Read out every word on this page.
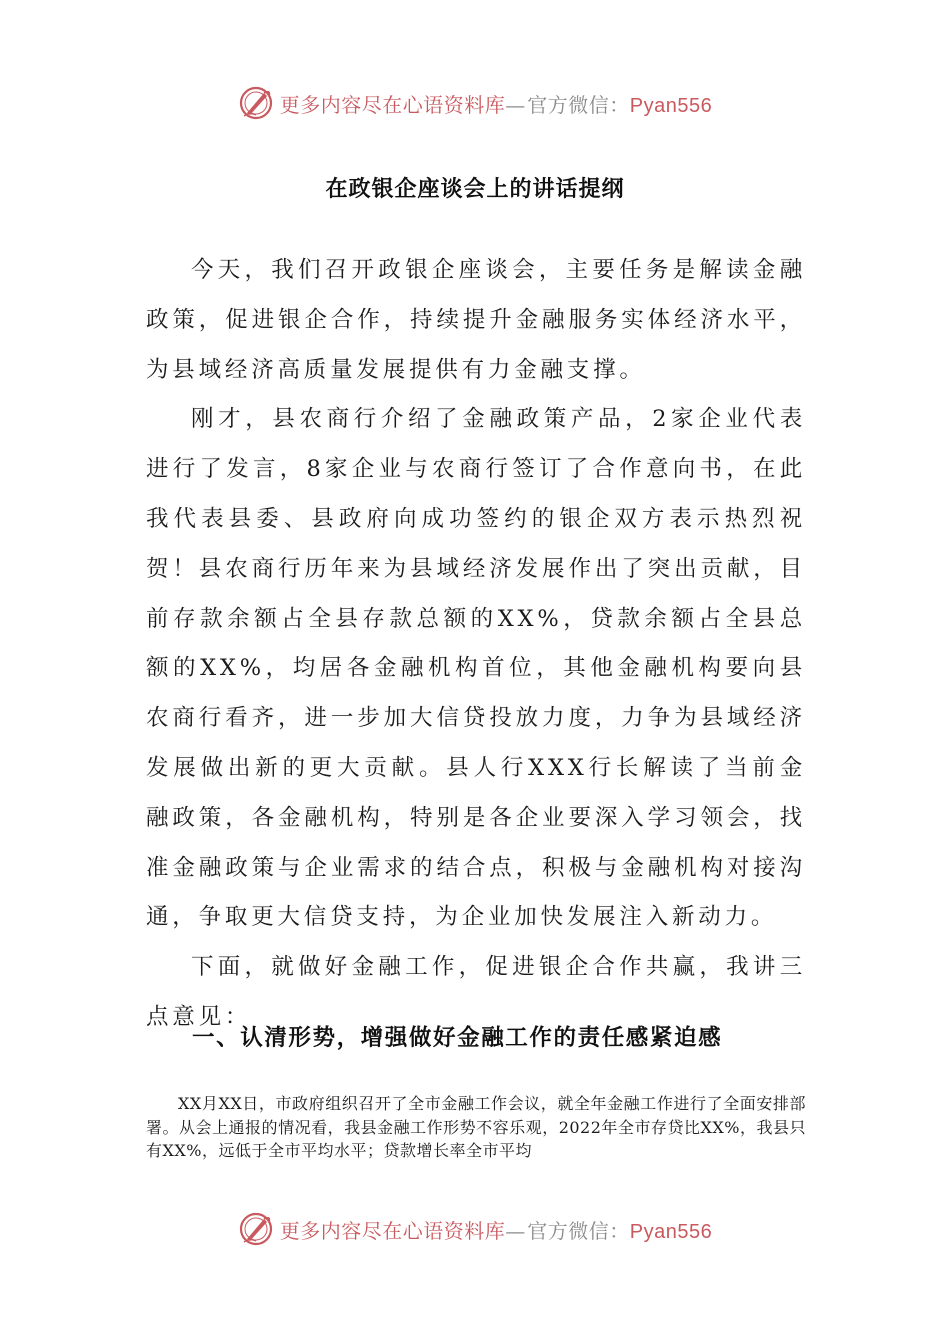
更多内容尽在心语资料库—官方微信：Pyan556
在政银企座谈会上的讲话提纲

今天，我们召开政银企座谈会，主要任务是解读金融政策，促进银企合作，持续提升金融服务实体经济水平，为县域经济高质量发展提供有力金融支撑。

刚才，县农商行介绍了金融政策产品，2家企业代表进行了发言，8家企业与农商行签订了合作意向书，在此我代表县委、县政府向成功签约的银企双方表示热烈祝贺！县农商行历年来为县域经济发展作出了突出贡献，目前存款余额占全县存款总额的XX%，贷款余额占全县总额的XX%，均居各金融机构首位，其他金融机构要向县农商行看齐，进一步加大信贷投放力度，力争为县域经济发展做出新的更大贡献。县人行XXX行长解读了当前金融政策，各金融机构，特别是各企业要深入学习领会，找准金融政策与企业需求的结合点，积极与金融机构对接沟通，争取更大信贷支持，为企业加快发展注入新动力。

下面，就做好金融工作，促进银企合作共赢，我讲三点意见：

一、认清形势，增强做好金融工作的责任感紧迫感

XX月XX日，市政府组织召开了全市金融工作会议，就全年金融工作进行了全面安排部署。从会上通报的情况看，我县金融工作形势不容乐观，2022年全市存贷比XX%，我县只有XX%，远低于全市平均水平；贷款增长率全市平均

更多内容尽在心语资料库—官方微信：Pyan556
